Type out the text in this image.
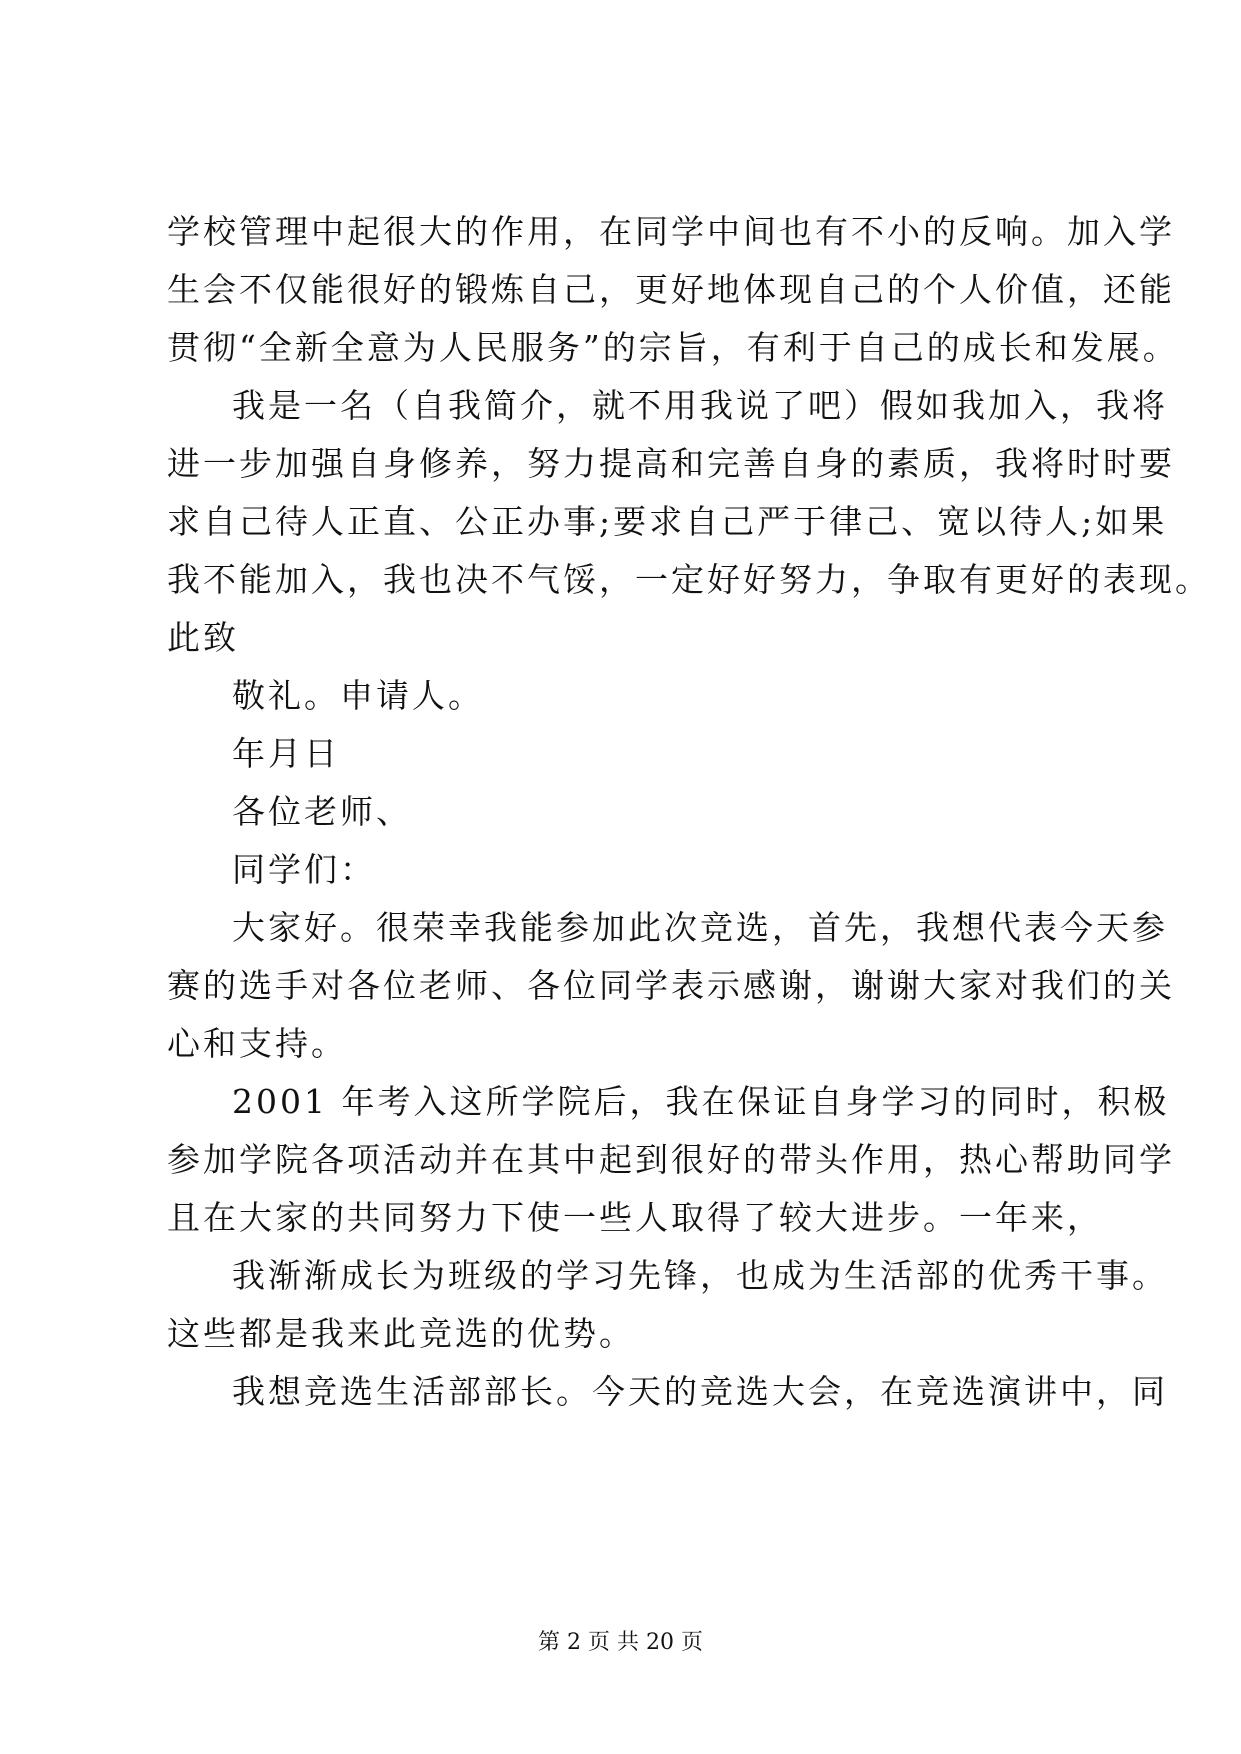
学校管理中起很大的作用，在同学中间也有不小的反响。加入学
生会不仅能很好的锻炼自己，更好地体现自己的个人价值，还能
贯彻“全新全意为人民服务”的宗旨，有利于自己的成长和发展。
我是一名（自我简介，就不用我说了吧）假如我加入，我将
进一步加强自身修养，努力提高和完善自身的素质，我将时时要
求自己待人正直、公正办事;要求自己严于律己、宽以待人;如果
我不能加入，我也决不气馁，一定好好努力，争取有更好的表现。
此致
敬礼。申请人。
年月日
各位老师、
同学们：
大家好。很荣幸我能参加此次竞选，首先，我想代表今天参
赛的选手对各位老师、各位同学表示感谢，谢谢大家对我们的关
心和支持。
2001 年考入这所学院后，我在保证自身学习的同时，积极
参加学院各项活动并在其中起到很好的带头作用，热心帮助同学
且在大家的共同努力下使一些人取得了较大进步。一年来，
我渐渐成长为班级的学习先锋，也成为生活部的优秀干事。
这些都是我来此竞选的优势。
我想竞选生活部部长。今天的竞选大会，在竞选演讲中，同
第 2 页 共 20 页
